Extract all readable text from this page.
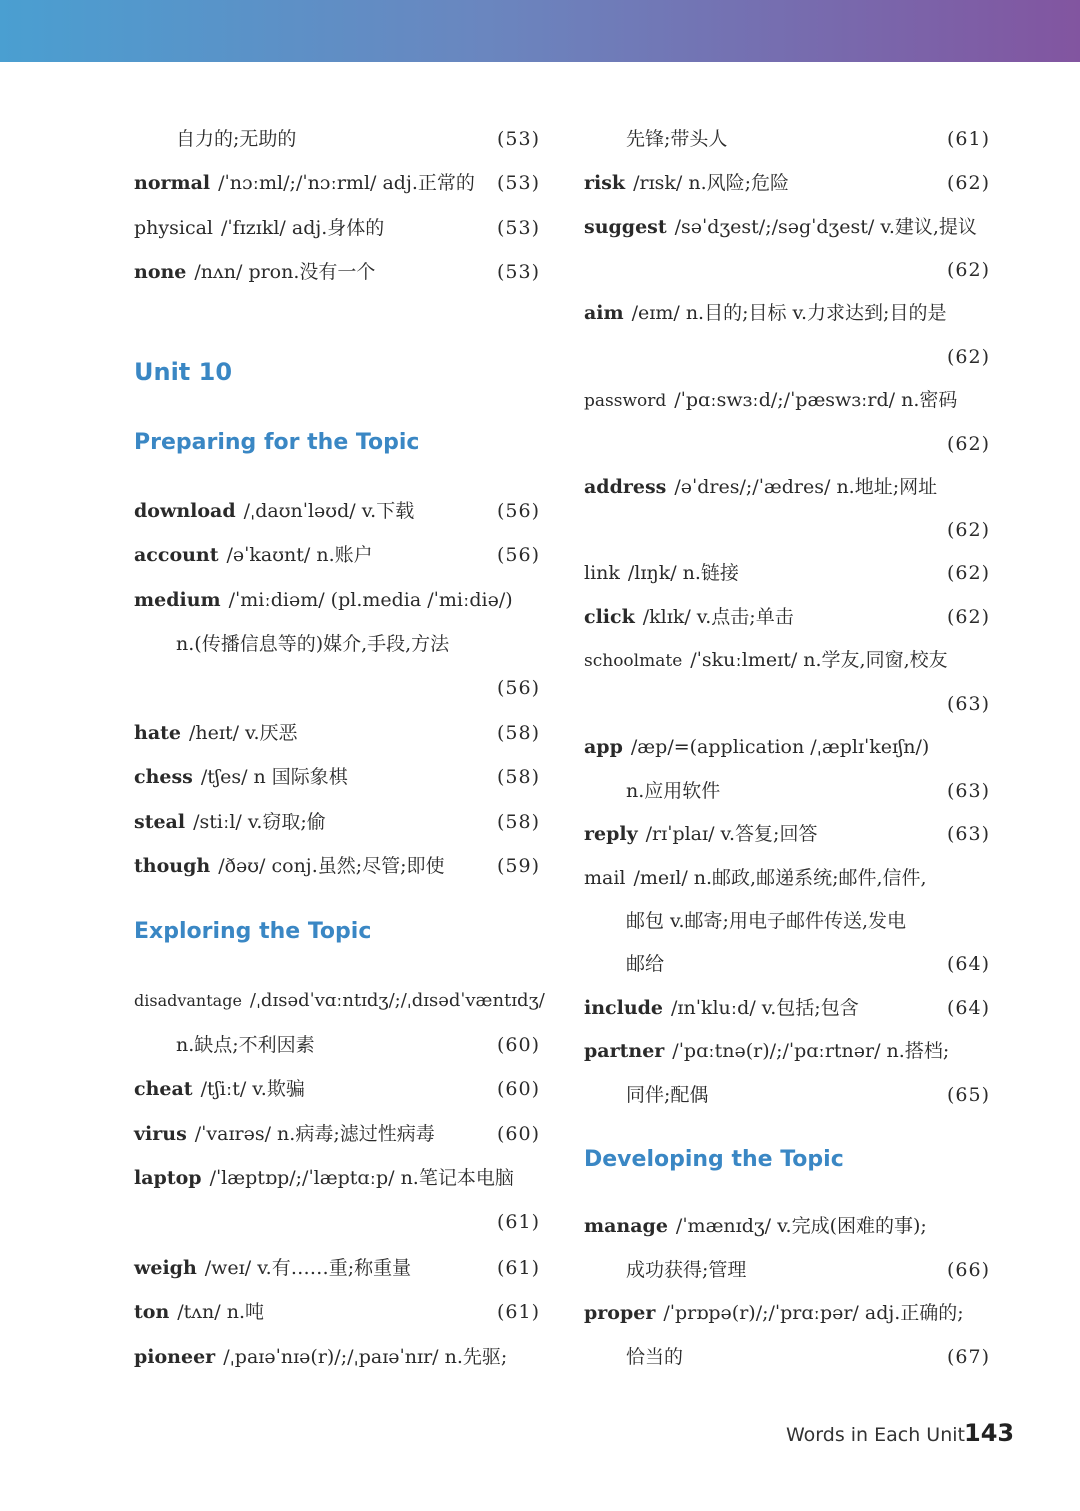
自力的;无助的	(53)
normal /ˈnɔːml/;/ˈnɔːrml/ adj.正常的 (53)
physical /ˈfɪzɪkl/ adj.身体的	(53)
none /nʌn/ pron.没有一个	(53)
Unit 10
Preparing for the Topic
download /ˌdaʊnˈləʊd/ v.下载	(56)
account /əˈkaʊnt/ n.账户	(56)
medium /ˈmiːdiəm/ (pl.media /ˈmiːdiə/)
n.(传播信息等的)媒介,手段,方法
(56)
hate /heɪt/ v.厌恶	(58)
chess /tʃes/ n 国际象棋	(58)
steal /stiːl/ v.窃取;偷	(58)
though /ðəʊ/ conj.虽然;尽管;即使	(59)
Exploring the Topic
disadvantage /ˌdɪsədˈvɑːntɪdʒ/;/ˌdɪsədˈvæntɪdʒ/
n.缺点;不利因素	(60)
cheat /tʃiːt/ v.欺骗	(60)
virus /ˈvaɪrəs/ n.病毒;滤过性病毒	(60)
laptop /ˈlæptɒp/;/ˈlæptɑːp/ n.笔记本电脑
(61)
weigh /weɪ/ v.有……重;称重量	(61)
ton /tʌn/ n.吨	(61)
pioneer /ˌpaɪəˈnɪə(r)/;/ˌpaɪəˈnɪr/ n.先驱;
先锋;带头人	(61)
risk /rɪsk/ n.风险;危险	(62)
suggest /səˈdʒest/;/səgˈdʒest/ v.建议,提议
(62)
aim /eɪm/ n.目的;目标 v.力求达到;目的是
(62)
password /ˈpɑːswɜːd/;/ˈpæswɜːrd/ n.密码
(62)
address /əˈdres/;/ˈædres/ n.地址;网址
(62)
link /lɪŋk/ n.链接	(62)
click /klɪk/ v.点击;单击	(62)
schoolmate /ˈskuːlmeɪt/ n.学友,同窗,校友
(63)
app /æp/=(application /ˌæplɪˈkeɪʃn/)
n.应用软件	(63)
reply /rɪˈplaɪ/ v.答复;回答	(63)
mail /meɪl/ n.邮政,邮递系统;邮件,信件,
邮包 v.邮寄;用电子邮件传送,发电
邮给	(64)
include /ɪnˈkluːd/ v.包括;包含	(64)
partner /ˈpɑːtnə(r)/;/ˈpɑːrtnər/ n.搭档;
同伴;配偶	(65)
Developing the Topic
manage /ˈmænɪdʒ/ v.完成(困难的事);
成功获得;管理	(66)
proper /ˈprɒpə(r)/;/ˈprɑːpər/ adj.正确的;
恰当的	(67)
Words in Each Unit 143
